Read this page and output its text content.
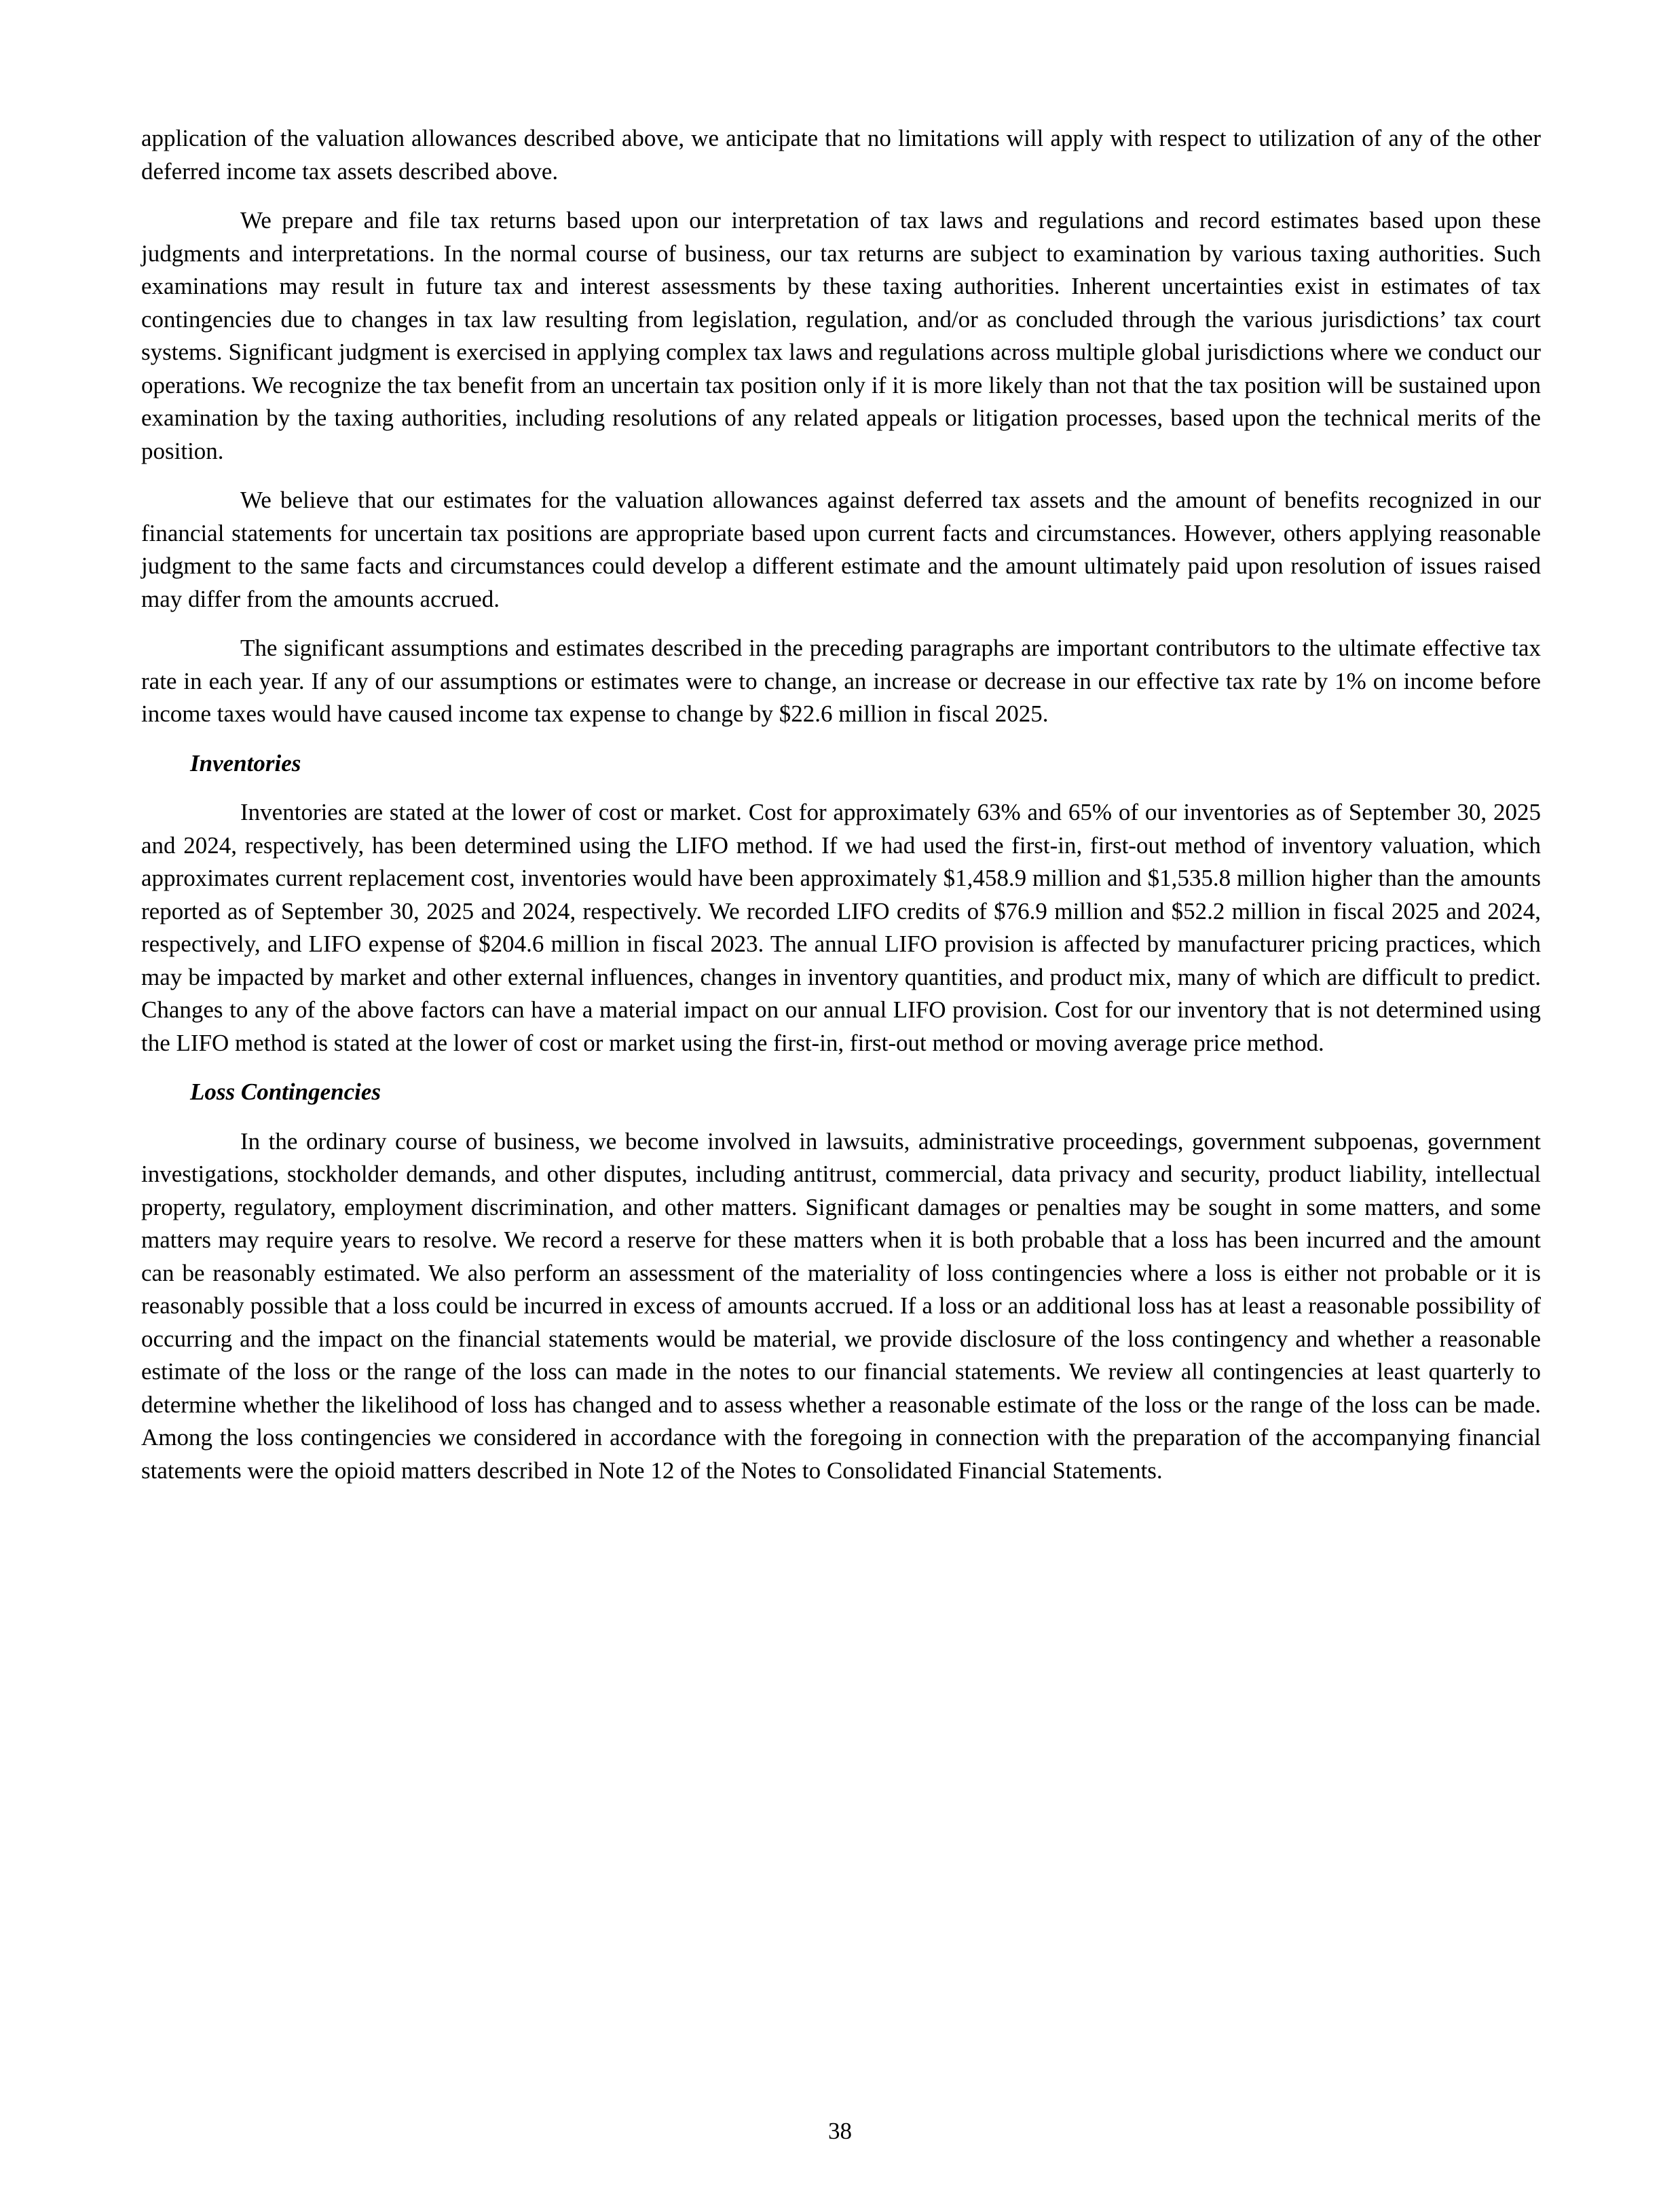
application of the valuation allowances described above, we anticipate that no limitations will apply with respect to utilization of any of the other deferred income tax assets described above.

We prepare and file tax returns based upon our interpretation of tax laws and regulations and record estimates based upon these judgments and interpretations. In the normal course of business, our tax returns are subject to examination by various taxing authorities. Such examinations may result in future tax and interest assessments by these taxing authorities. Inherent uncertainties exist in estimates of tax contingencies due to changes in tax law resulting from legislation, regulation, and/or as concluded through the various jurisdictions’ tax court systems. Significant judgment is exercised in applying complex tax laws and regulations across multiple global jurisdictions where we conduct our operations. We recognize the tax benefit from an uncertain tax position only if it is more likely than not that the tax position will be sustained upon examination by the taxing authorities, including resolutions of any related appeals or litigation processes, based upon the technical merits of the position.

We believe that our estimates for the valuation allowances against deferred tax assets and the amount of benefits recognized in our financial statements for uncertain tax positions are appropriate based upon current facts and circumstances. However, others applying reasonable judgment to the same facts and circumstances could develop a different estimate and the amount ultimately paid upon resolution of issues raised may differ from the amounts accrued.

The significant assumptions and estimates described in the preceding paragraphs are important contributors to the ultimate effective tax rate in each year. If any of our assumptions or estimates were to change, an increase or decrease in our effective tax rate by 1% on income before income taxes would have caused income tax expense to change by $22.6 million in fiscal 2025.

Inventories

Inventories are stated at the lower of cost or market. Cost for approximately 63% and 65% of our inventories as of September 30, 2025 and 2024, respectively, has been determined using the LIFO method. If we had used the first-in, first-out method of inventory valuation, which approximates current replacement cost, inventories would have been approximately $1,458.9 million and $1,535.8 million higher than the amounts reported as of September 30, 2025 and 2024, respectively. We recorded LIFO credits of $76.9 million and $52.2 million in fiscal 2025 and 2024, respectively, and LIFO expense of $204.6 million in fiscal 2023. The annual LIFO provision is affected by manufacturer pricing practices, which may be impacted by market and other external influences, changes in inventory quantities, and product mix, many of which are difficult to predict. Changes to any of the above factors can have a material impact on our annual LIFO provision. Cost for our inventory that is not determined using the LIFO method is stated at the lower of cost or market using the first-in, first-out method or moving average price method.

Loss Contingencies

In the ordinary course of business, we become involved in lawsuits, administrative proceedings, government subpoenas, government investigations, stockholder demands, and other disputes, including antitrust, commercial, data privacy and security, product liability, intellectual property, regulatory, employment discrimination, and other matters. Significant damages or penalties may be sought in some matters, and some matters may require years to resolve. We record a reserve for these matters when it is both probable that a loss has been incurred and the amount can be reasonably estimated. We also perform an assessment of the materiality of loss contingencies where a loss is either not probable or it is reasonably possible that a loss could be incurred in excess of amounts accrued. If a loss or an additional loss has at least a reasonable possibility of occurring and the impact on the financial statements would be material, we provide disclosure of the loss contingency and whether a reasonable estimate of the loss or the range of the loss can made in the notes to our financial statements. We review all contingencies at least quarterly to determine whether the likelihood of loss has changed and to assess whether a reasonable estimate of the loss or the range of the loss can be made. Among the loss contingencies we considered in accordance with the foregoing in connection with the preparation of the accompanying financial statements were the opioid matters described in Note 12 of the Notes to Consolidated Financial Statements.

38
